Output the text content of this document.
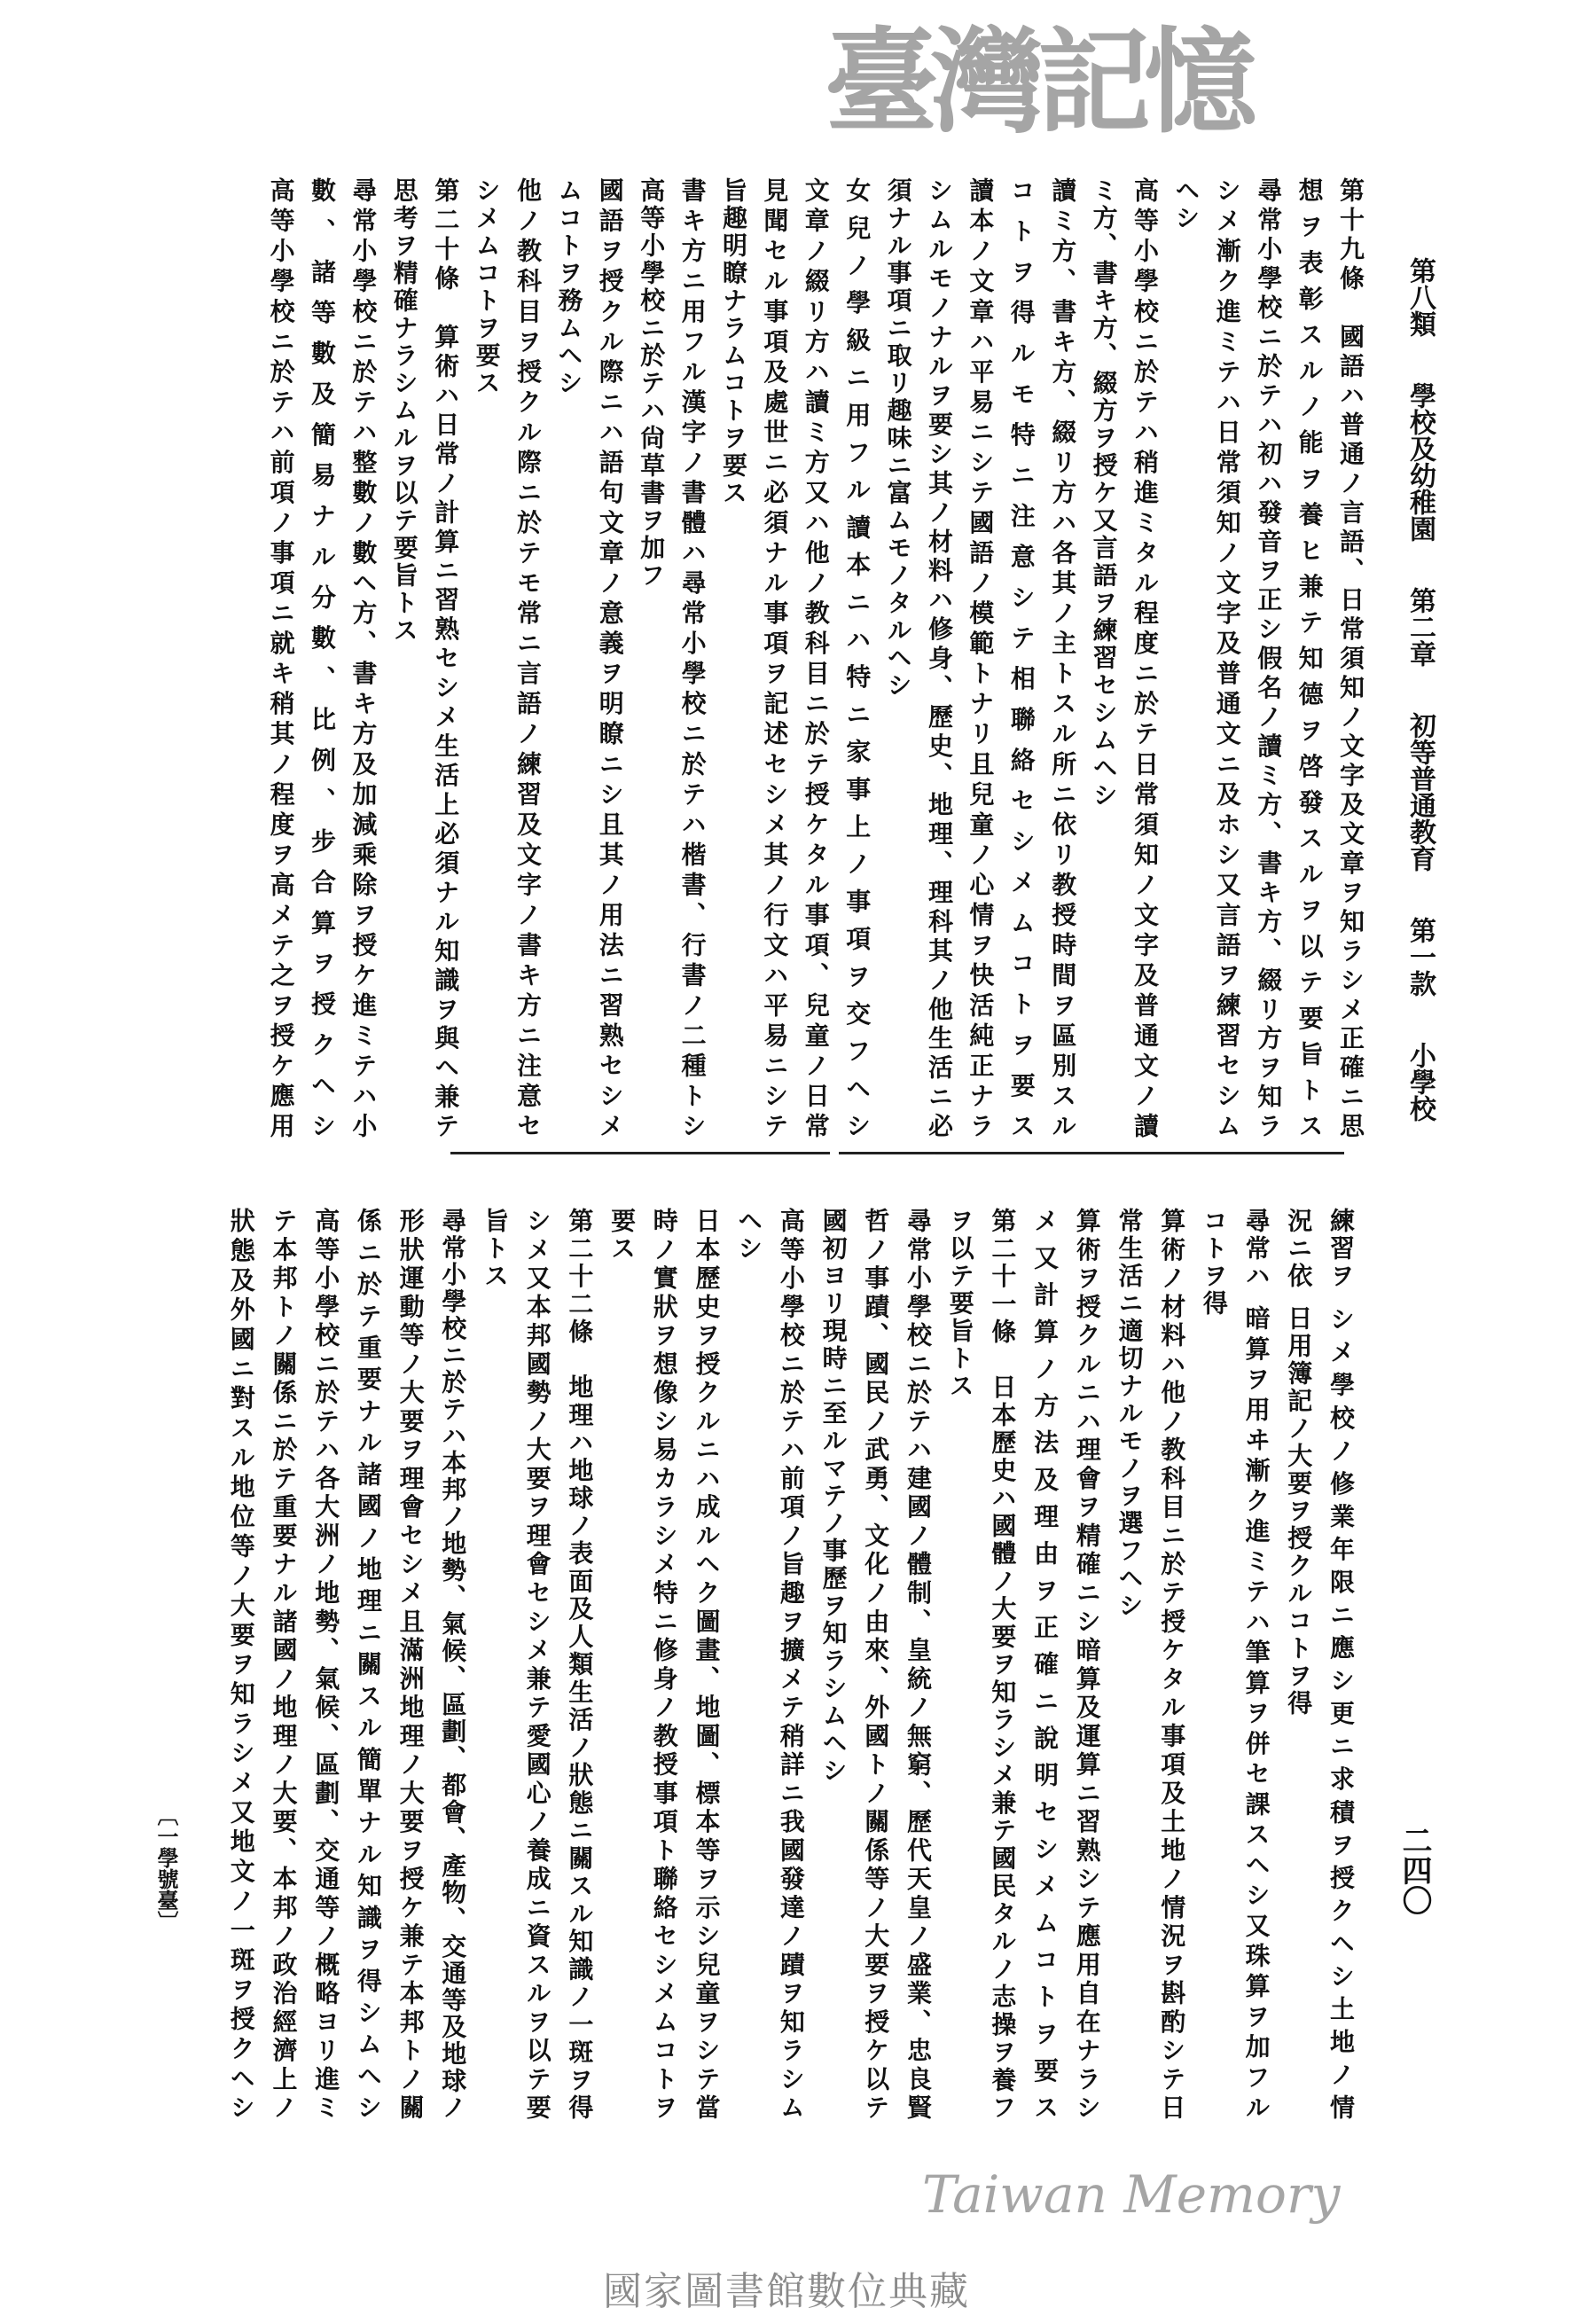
第八類
學校及幼稚園
第二章
初等普通教育
第一款
小學校
第十九條　國語ハ普通ノ言語、日常須知ノ文字及文章ヲ知ラシメ正確ニ思
想ヲ表彰スルノ能ヲ養ヒ兼テ知德ヲ啓發スルヲ以テ要旨トス
尋常小學校ニ於テハ初ハ發音ヲ正シ假名ノ讀ミ方、書キ方、綴リ方ヲ知ラ
シメ漸ク進ミテハ日常須知ノ文字及普通文ニ及ホシ又言語ヲ練習セシム
ヘシ
高等小學校ニ於テハ稍進ミタル程度ニ於テ日常須知ノ文字及普通文ノ讀
ミ方、書キ方、綴方ヲ授ケ又言語ヲ練習セシムヘシ
讀ミ方、書キ方、綴リ方ハ各其ノ主トスル所ニ依リ教授時間ヲ區別スル
コトヲ得ルモ特ニ注意シテ相聯絡セシメムコトヲ要ス
讀本ノ文章ハ平易ニシテ國語ノ模範トナリ且兒童ノ心情ヲ快活純正ナラ
シムルモノナルヲ要シ其ノ材料ハ修身、歷史、地理、理科其ノ他生活ニ必
須ナル事項ニ取リ趣味ニ富ムモノタルヘシ
女兒ノ學級ニ用フル讀本ニハ特ニ家事上ノ事項ヲ交フヘシ
文章ノ綴リ方ハ讀ミ方又ハ他ノ教科目ニ於テ授ケタル事項、兒童ノ日常
見聞セル事項及處世ニ必須ナル事項ヲ記述セシメ其ノ行文ハ平易ニシテ
旨趣明瞭ナラムコトヲ要ス
書キ方ニ用フル漢字ノ書體ハ尋常小學校ニ於テハ楷書、行書ノ二種トシ
高等小學校ニ於テハ尙草書ヲ加フ
國語ヲ授クル際ニハ語句文章ノ意義ヲ明瞭ニシ且其ノ用法ニ習熟セシメ
ムコトヲ務ムヘシ
他ノ教科目ヲ授クル際ニ於テモ常ニ言語ノ練習及文字ノ書キ方ニ注意セ
シメムコトヲ要ス
第二十條　算術ハ日常ノ計算ニ習熟セシメ生活上必須ナル知識ヲ與ヘ兼テ
思考ヲ精確ナラシムルヲ以テ要旨トス
尋常小學校ニ於テハ整數ノ數ヘ方、書キ方及加減乘除ヲ授ケ進ミテハ小
數、諸等數及簡易ナル分數、比例、步合算ヲ授クヘシ
高等小學校ニ於テハ前項ノ事項ニ就キ稍其ノ程度ヲ高メテ之ヲ授ケ應用
練習ヲ
シメ學校ノ修業年限ニ應シ更ニ求積ヲ授クヘシ土地ノ情
況ニ依
日用簿記ノ大要ヲ授クルコトヲ得
尋常ハ
暗算ヲ用ヰ漸ク進ミテハ筆算ヲ併セ課スヘシ又珠算ヲ加フル
コトヲ得
算術ノ材料ハ他ノ教科目ニ於テ授ケタル事項及土地ノ情況ヲ斟酌シテ日
常生活ニ適切ナルモノヲ選フヘシ
算術ヲ授クルニハ理會ヲ精確ニシ暗算及運算ニ習熟シテ應用自在ナラシ
メ又計算ノ方法及理由ヲ正確ニ說明セシメムコトヲ要ス
第二十一條　日本歷史ハ國體ノ大要ヲ知ラシメ兼テ國民タルノ志操ヲ養フ
ヲ以テ要旨トス
尋常小學校ニ於テハ建國ノ體制、皇統ノ無窮、歷代天皇ノ盛業、忠良賢
哲ノ事蹟、國民ノ武勇、文化ノ由來、外國トノ關係等ノ大要ヲ授ケ以テ
國初ヨリ現時ニ至ルマテノ事歷ヲ知ラシムヘシ
高等小學校ニ於テハ前項ノ旨趣ヲ擴メテ稍詳ニ我國發達ノ蹟ヲ知ラシム
ヘシ
日本歷史ヲ授クルニハ成ルヘク圖畫、地圖、標本等ヲ示シ兒童ヲシテ當
時ノ實狀ヲ想像シ易カラシメ特ニ修身ノ教授事項ト聯絡セシメムコトヲ
要ス
第二十二條　地理ハ地球ノ表面及人類生活ノ狀態ニ關スル知識ノ一斑ヲ得
シメ又本邦國勢ノ大要ヲ理會セシメ兼テ愛國心ノ養成ニ資スルヲ以テ要
旨トス
尋常小學校ニ於テハ本邦ノ地勢、氣候、區劃、都會、產物、交通等及地球ノ
形狀運動等ノ大要ヲ理會セシメ且滿洲地理ノ大要ヲ授ケ兼テ本邦トノ關
係ニ於テ重要ナル諸國ノ地理ニ關スル簡單ナル知識ヲ得シムヘシ
高等小學校ニ於テハ各大洲ノ地勢、氣候、區劃、交通等ノ概略ヨリ進ミ
テ本邦トノ關係ニ於テ重要ナル諸國ノ地理ノ大要、本邦ノ政治經濟上ノ
狀態及外國ニ對スル地位等ノ大要ヲ知ラシメ又地文ノ一斑ヲ授クヘシ	二四〇
〔一學號臺〕
臺灣記憶
Taiwan Memory
國家圖書館數位典藏
